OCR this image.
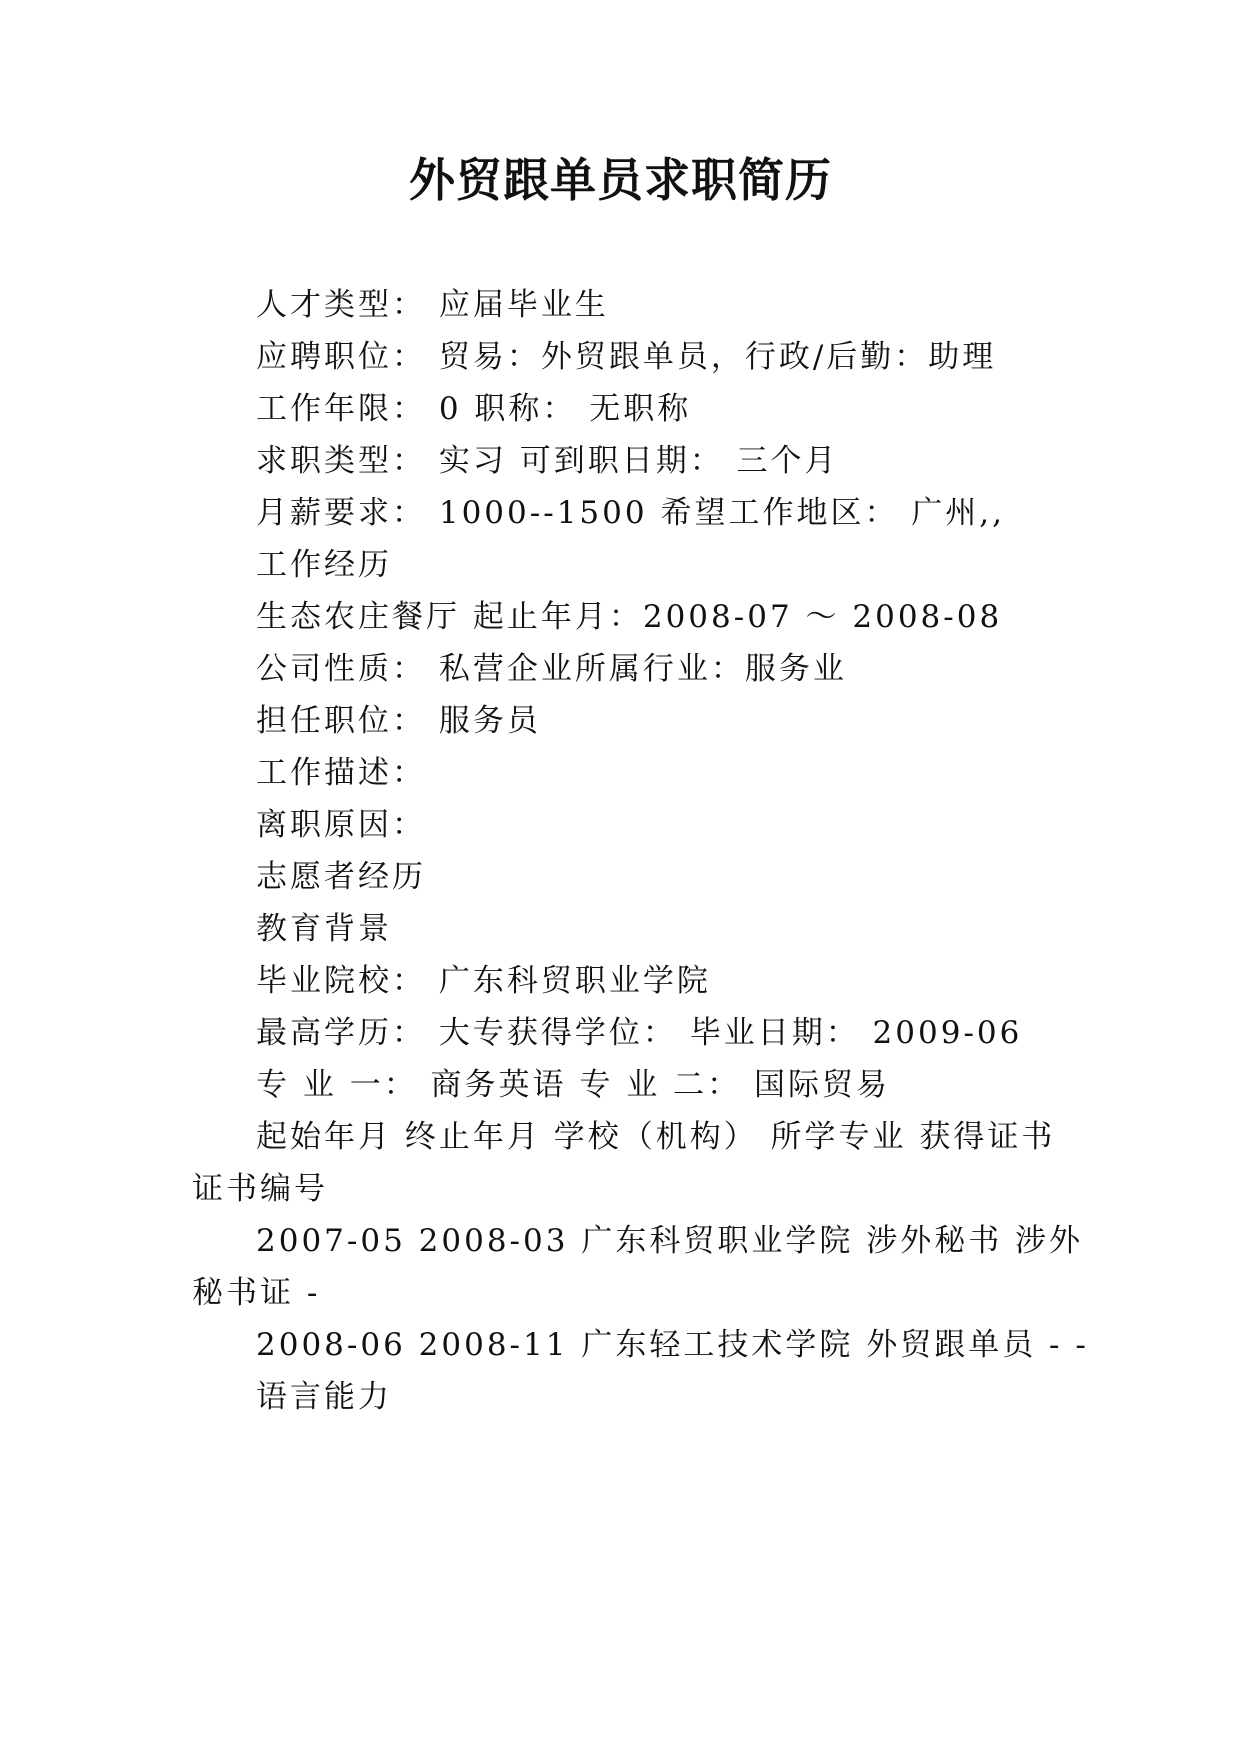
外贸跟单员求职简历
人才类型： 应届毕业生
应聘职位： 贸易：外贸跟单员，行政/后勤：助理
工作年限： 0 职称： 无职称
求职类型： 实习 可到职日期： 三个月
月薪要求： 1000--1500 希望工作地区： 广州,,
工作经历
生态农庄餐厅 起止年月：2008-07 ～ 2008-08
公司性质： 私营企业所属行业：服务业
担任职位： 服务员
工作描述：
离职原因：
志愿者经历
教育背景
毕业院校： 广东科贸职业学院
最高学历： 大专获得学位： 毕业日期： 2009-06
专 业 一： 商务英语 专 业 二： 国际贸易
起始年月 终止年月 学校（机构） 所学专业 获得证书
证书编号
2007-05 2008-03 广东科贸职业学院 涉外秘书 涉外
秘书证 -
2008-06 2008-11 广东轻工技术学院 外贸跟单员 - -
语言能力
